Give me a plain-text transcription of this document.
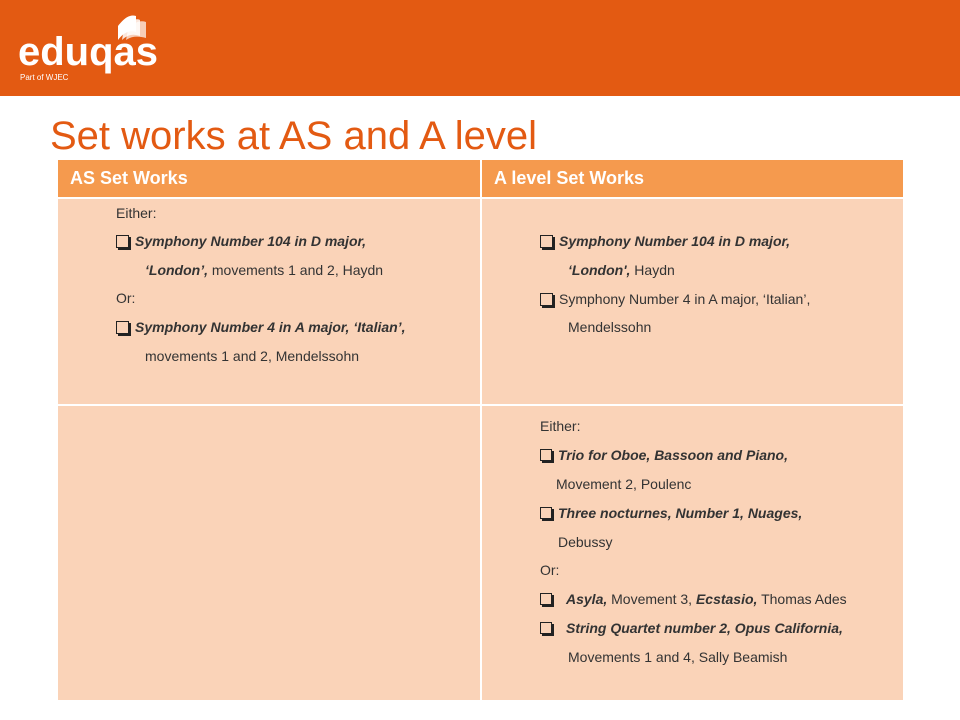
eduqas
Part of WJEC
Set works at AS and A level
AS Set Works	A level Set Works
Either:
Symphony Number 104 in D major,
‘London’, movements 1 and 2, Haydn
Or:
Symphony Number 4 in A major, ‘Italian’,
movements 1 and 2, Mendelssohn
Symphony Number 104 in D major,
‘London', Haydn
Symphony Number 4 in A major, ‘Italian’,
Mendelssohn
Either:
Trio for Oboe, Bassoon and Piano,
Movement 2, Poulenc
Three nocturnes, Number 1, Nuages,
Debussy
Or:
Asyla, Movement 3, Ecstasio, Thomas Ades
String Quartet number 2, Opus California,
Movements 1 and 4, Sally Beamish
